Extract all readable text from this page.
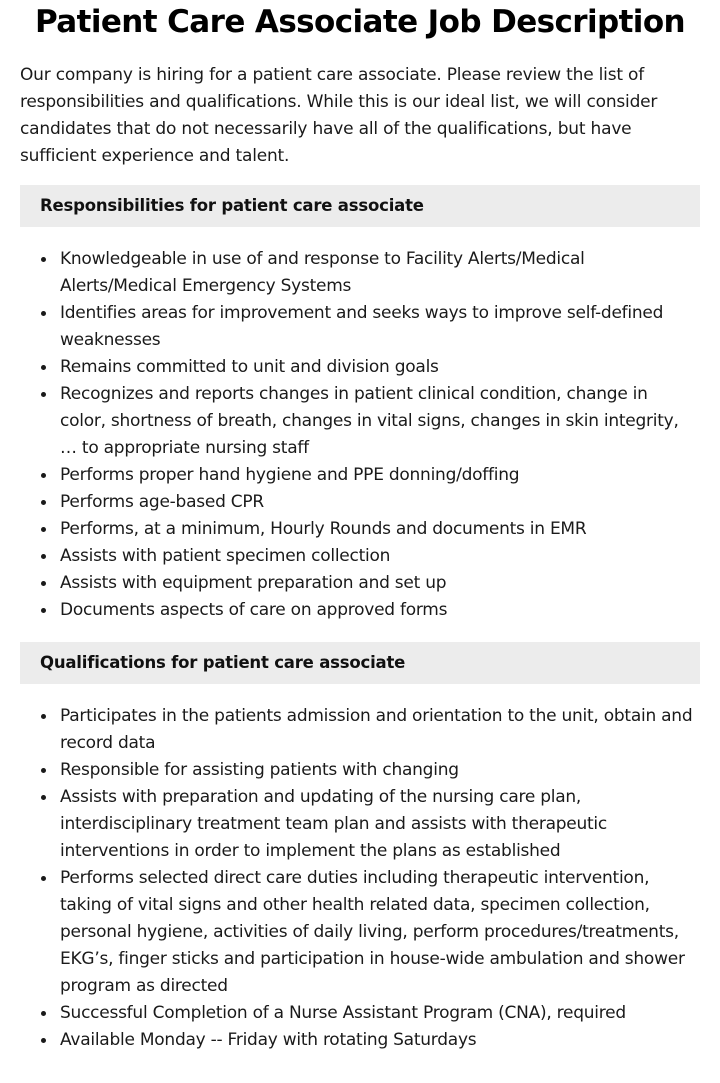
Patient Care Associate Job Description

Our company is hiring for a patient care associate. Please review the list of responsibilities and qualifications. While this is our ideal list, we will consider candidates that do not necessarily have all of the qualifications, but have sufficient experience and talent.

Responsibilities for patient care associate
Knowledgeable in use of and response to Facility Alerts/Medical Alerts/Medical Emergency Systems
Identifies areas for improvement and seeks ways to improve self-defined weaknesses
Remains committed to unit and division goals
Recognizes and reports changes in patient clinical condition, change in color, shortness of breath, changes in vital signs, changes in skin integrity, … to appropriate nursing staff
Performs proper hand hygiene and PPE donning/doffing
Performs age-based CPR
Performs, at a minimum, Hourly Rounds and documents in EMR
Assists with patient specimen collection
Assists with equipment preparation and set up
Documents aspects of care on approved forms
Qualifications for patient care associate
Participates in the patients admission and orientation to the unit, obtain and record data
Responsible for assisting patients with changing
Assists with preparation and updating of the nursing care plan, interdisciplinary treatment team plan and assists with therapeutic interventions in order to implement the plans as established
Performs selected direct care duties including therapeutic intervention, taking of vital signs and other health related data, specimen collection, personal hygiene, activities of daily living, perform procedures/treatments, EKG’s, finger sticks and participation in house-wide ambulation and shower program as directed
Successful Completion of a Nurse Assistant Program (CNA), required
Available Monday -- Friday with rotating Saturdays
